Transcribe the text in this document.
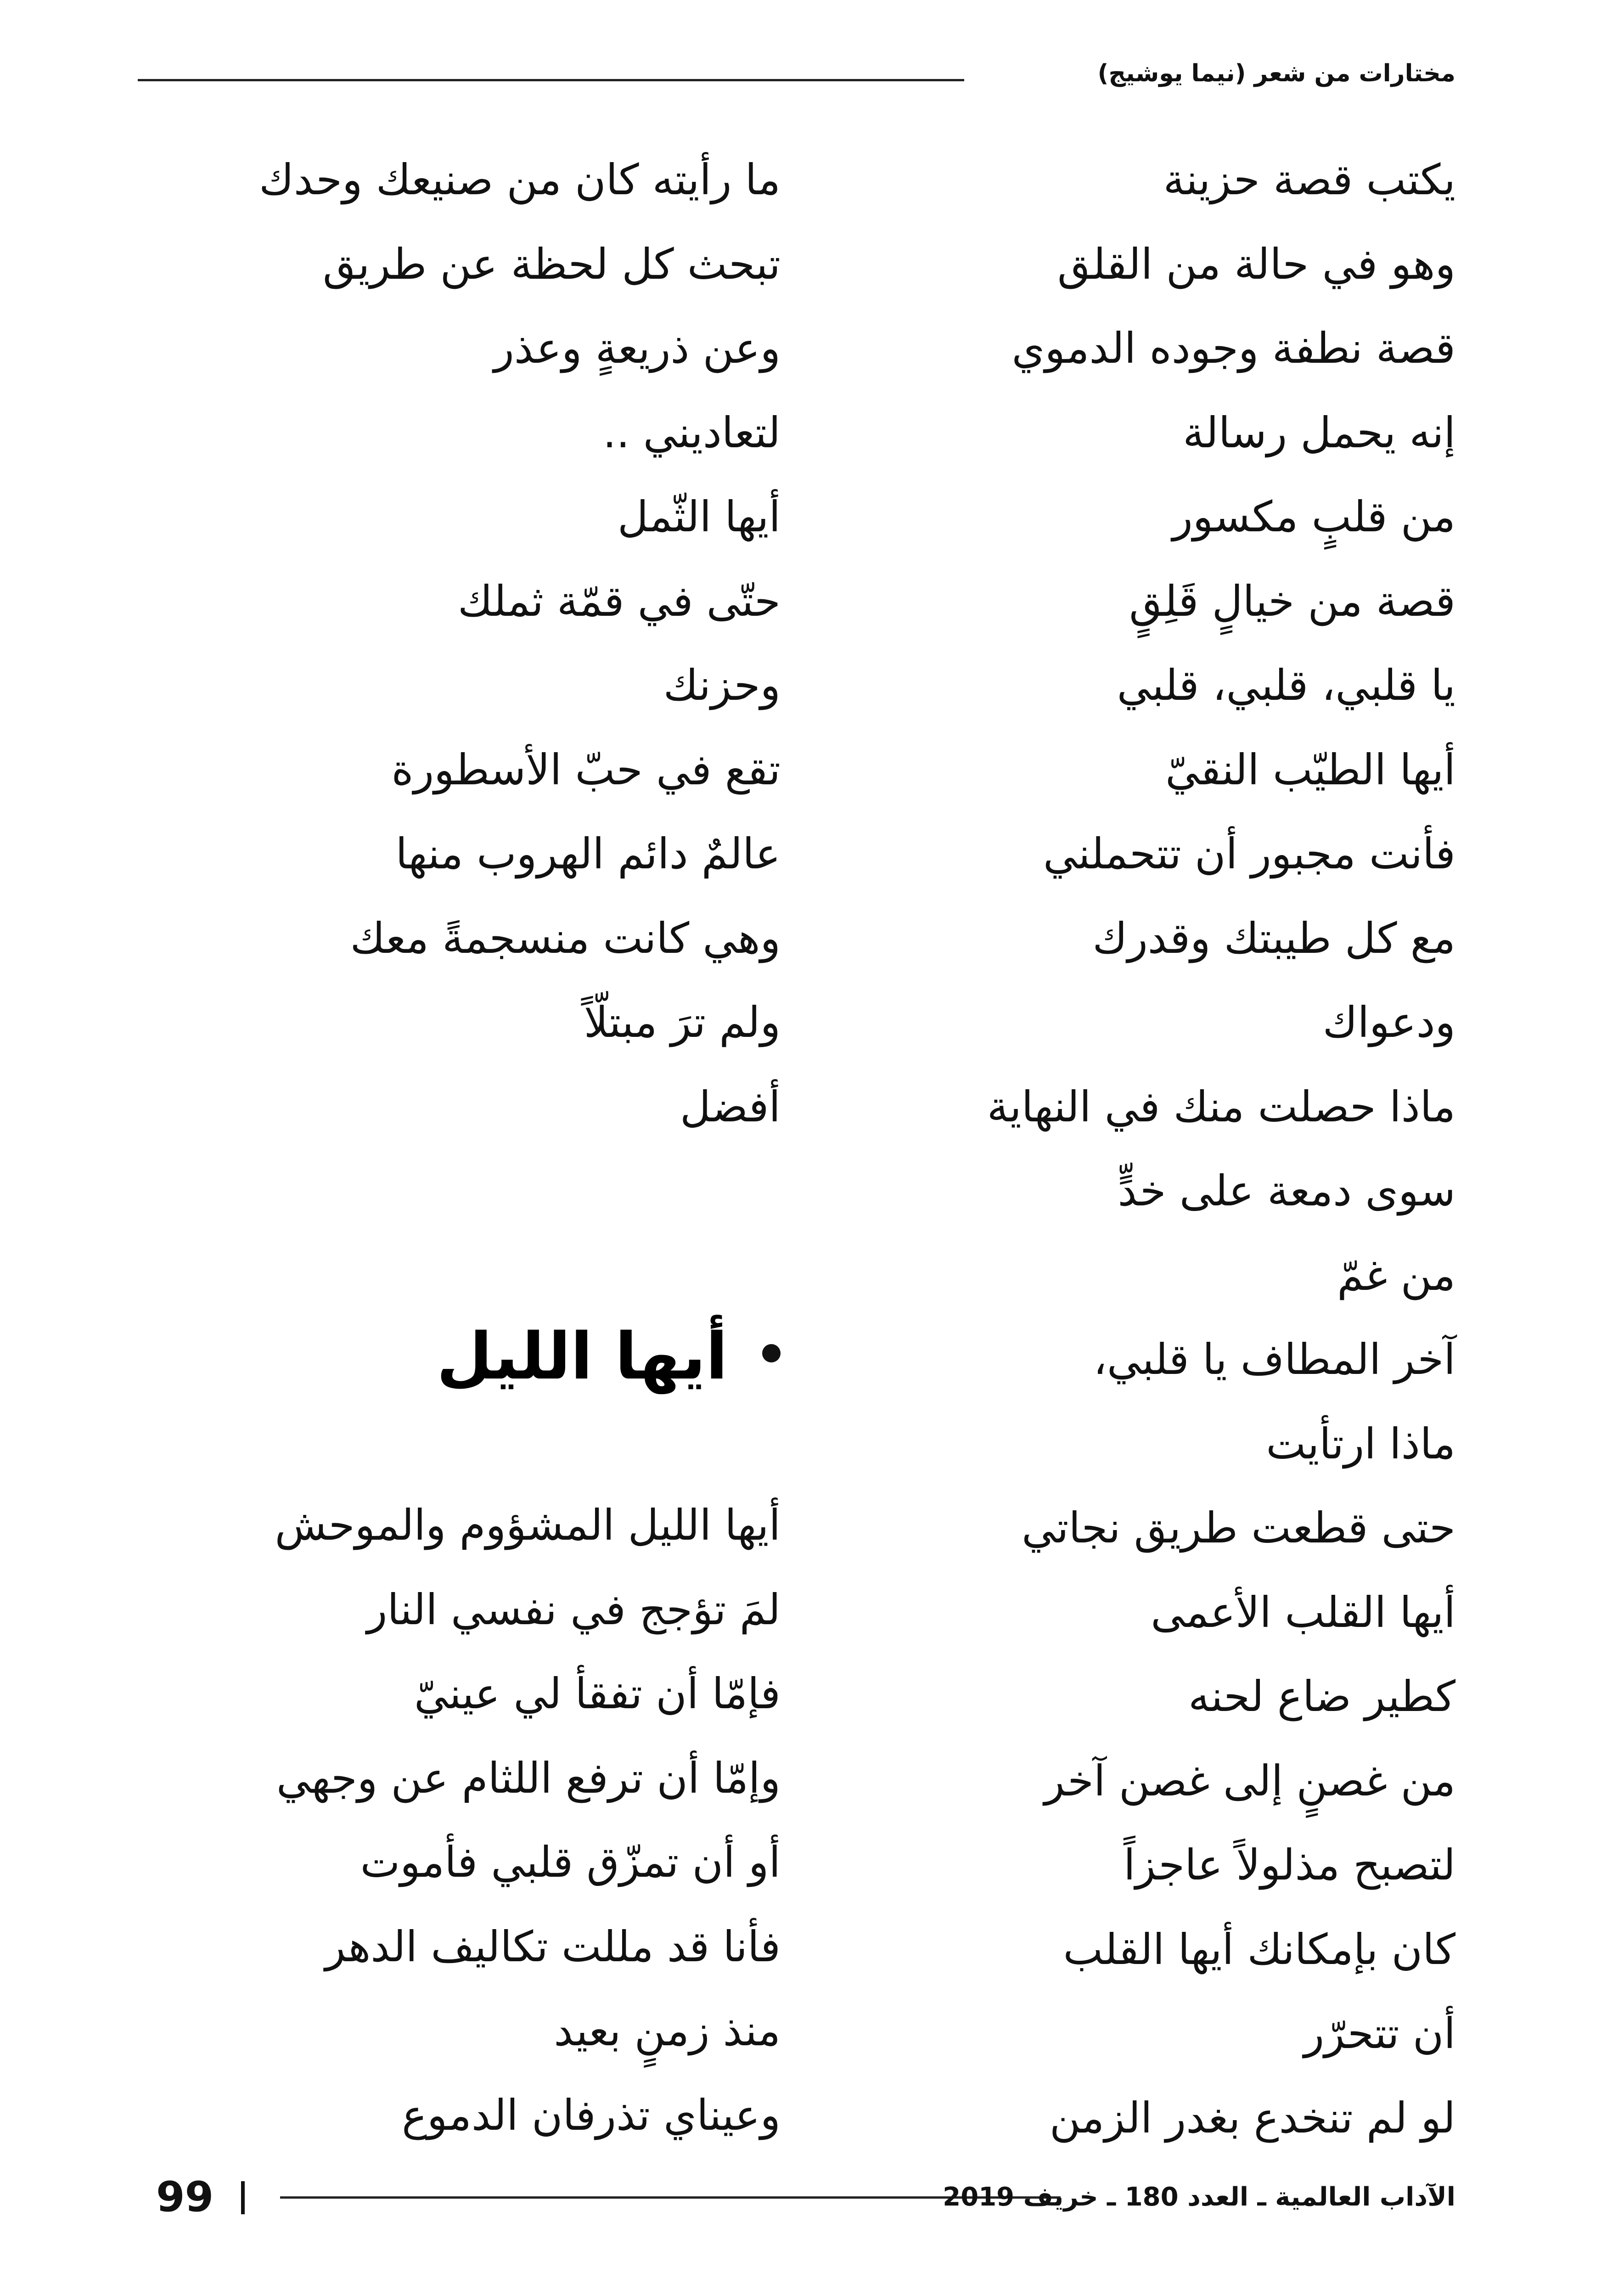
مختارات من شعر (نيما يوشيج)
يكتب قصة حزينة
وهو في حالة من القلق
قصة نطفة وجوده الدموي
إنه يحمل رسالة
من قلبٍ مكسور
قصة من خيالٍ قَلِقٍ
يا قلبي، قلبي، قلبي
أيها الطيّب النقيّ
فأنت مجبور أن تتحملني
مع كل طيبتك وقدرك
ودعواك
ماذا حصلت منك في النهاية
سوى دمعة على خدٍّ
من غمّ
آخر المطاف يا قلبي،
ماذا ارتأيت
حتى قطعت طريق نجاتي
أيها القلب الأعمى
كطير ضاع لحنه
من غصنٍ إلى غصن آخر
لتصبح مذلولاً عاجزاً
كان بإمكانك أيها القلب
أن تتحرّر
لو لم تنخدع بغدر الزمن
ما رأيته كان من صنيعك وحدك
تبحث كل لحظة عن طريق
وعن ذريعةٍ وعذر
لتعاديني ..
أيها الثّمل
حتّى في قمّة ثملك
وحزنك
تقع في حبّ الأسطورة
عالمٌ دائم الهروب منها
وهي كانت منسجمةً معك
ولم ترَ مبتلّاً
أفضل
أيها الليل
أيها الليل المشؤوم والموحش
لمَ تؤجج في نفسي النار
فإمّا أن تفقأ لي عينيّ
وإمّا أن ترفع اللثام عن وجهي
أو أن تمزّق قلبي فأموت
فأنا قد مللت تكاليف الدهر
منذ زمنٍ بعيد
وعيناي تذرفان الدموع
99	الآداب العالمية ـ العدد 180 ـ خريف 2019
